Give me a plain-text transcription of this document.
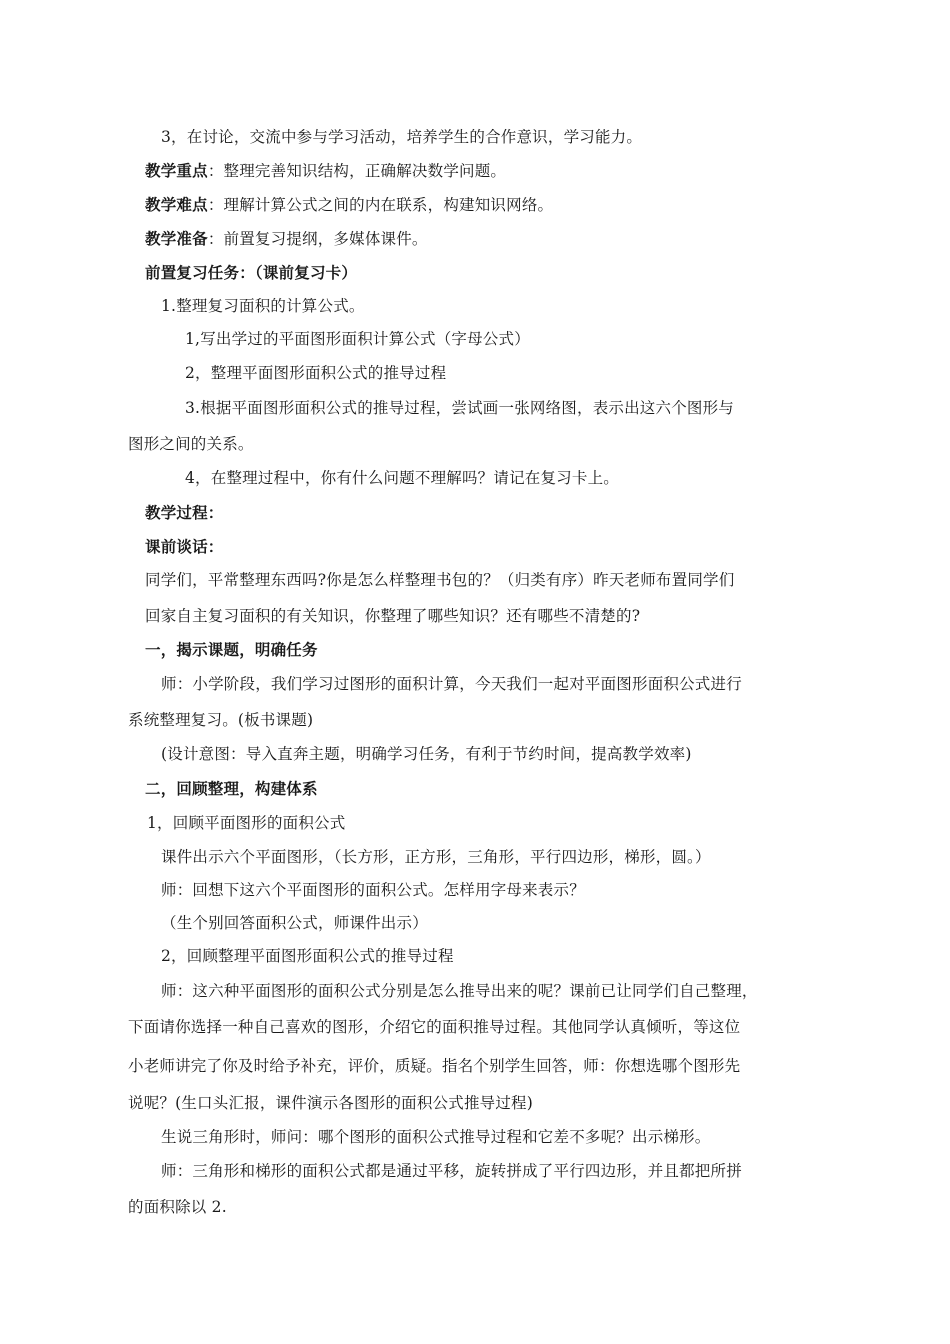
3，在讨论，交流中参与学习活动，培养学生的合作意识，学习能力。
教学重点：整理完善知识结构，正确解决数学问题。
教学难点：理解计算公式之间的内在联系，构建知识网络。
教学准备：前置复习提纲，多媒体课件。
前置复习任务：（课前复习卡）
1.整理复习面积的计算公式。
1,写出学过的平面图形面积计算公式（字母公式）
2，整理平面图形面积公式的推导过程
3.根据平面图形面积公式的推导过程，尝试画一张网络图，表示出这六个图形与
图形之间的关系。
4，在整理过程中，你有什么问题不理解吗？请记在复习卡上。
教学过程：
课前谈话：
同学们，平常整理东西吗?你是怎么样整理书包的？（归类有序）昨天老师布置同学们
回家自主复习面积的有关知识，你整理了哪些知识？还有哪些不清楚的?
一，揭示课题，明确任务
师：小学阶段，我们学习过图形的面积计算，今天我们一起对平面图形面积公式进行
系统整理复习。(板书课题)
(设计意图：导入直奔主题，明确学习任务，有利于节约时间，提高教学效率)
二，回顾整理，构建体系
1，回顾平面图形的面积公式
课件出示六个平面图形，（长方形，正方形，三角形，平行四边形，梯形，圆。）
师：回想下这六个平面图形的面积公式。怎样用字母来表示？
（生个别回答面积公式，师课件出示）
2，回顾整理平面图形面积公式的推导过程
师：这六种平面图形的面积公式分别是怎么推导出来的呢？课前已让同学们自己整理，
下面请你选择一种自己喜欢的图形，介绍它的面积推导过程。其他同学认真倾听，等这位
小老师讲完了你及时给予补充，评价，质疑。指名个别学生回答，师：你想选哪个图形先
说呢？(生口头汇报，课件演示各图形的面积公式推导过程)
生说三角形时，师问：哪个图形的面积公式推导过程和它差不多呢？出示梯形。
师：三角形和梯形的面积公式都是通过平移，旋转拼成了平行四边形，并且都把所拼
的面积除以 2.
